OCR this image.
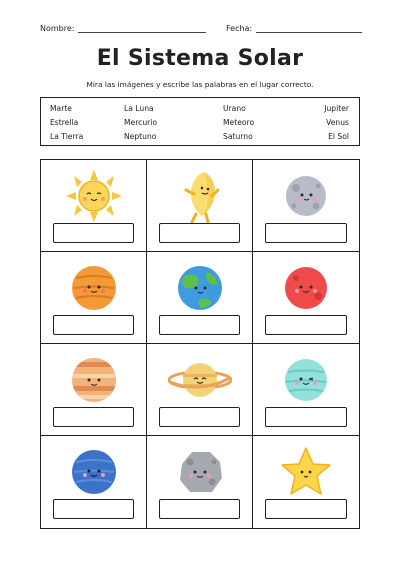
Nombre:	Fecha:
El Sistema Solar
Mira las imágenes y escribe las palabras en el lugar correcto.
Marte	La Luna	Urano	Jupiter
Estrella	Mercurio	Meteoro	Venus
La Tierra	Neptuno	Saturno	El Sol
